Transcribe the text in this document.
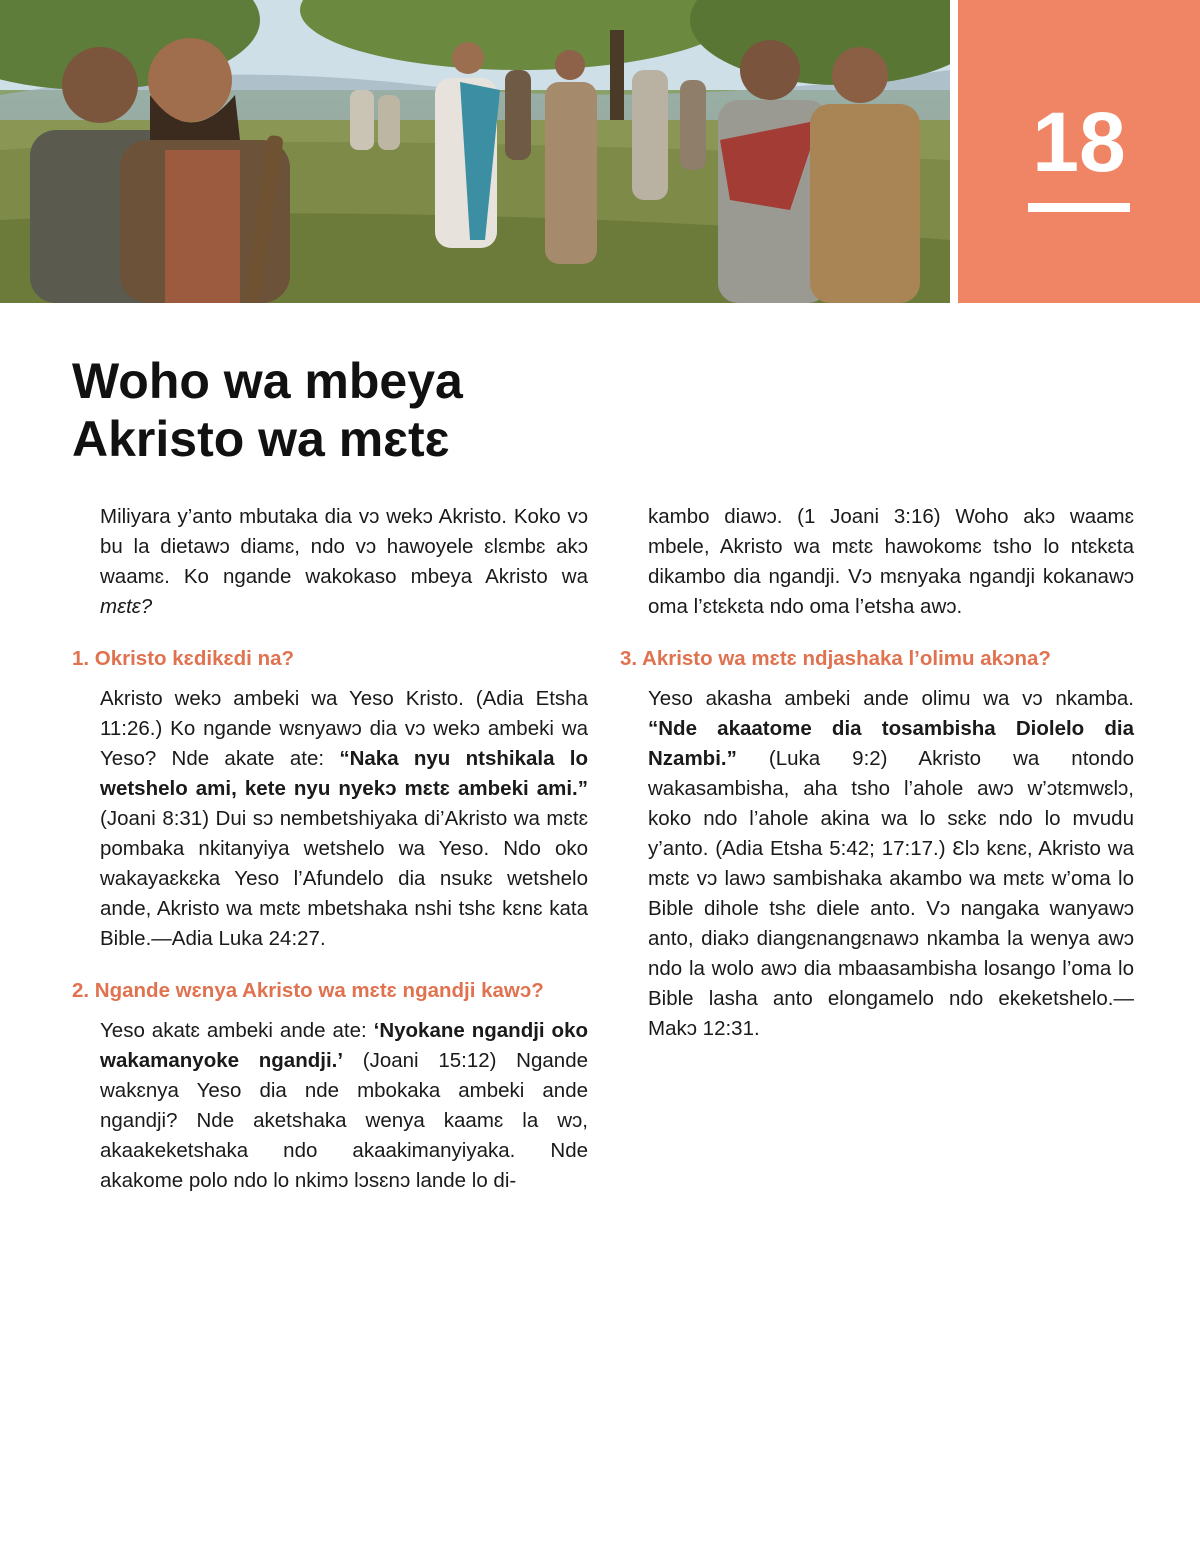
18
Woho wa mbeya
Akristo wa mɛtɛ

Miliyara y’anto mbutaka dia vɔ wekɔ Akristo. Koko vɔ bu la dietawɔ diamɛ, ndo vɔ hawoyele ɛlɛmbɛ akɔ waamɛ. Ko ngande wakokaso mbeya Akristo wa mɛtɛ?

1. Okristo kɛdikɛdi na?

Akristo wekɔ ambeki wa Yeso Kristo. (Adia Etsha 11:26.) Ko ngande wɛnyawɔ dia vɔ wekɔ ambeki wa Yeso? Nde akate ate: “Naka nyu ntshikala lo wetshelo ami, kete nyu nyekɔ mɛtɛ ambeki ami.” (Joani 8:31) Dui sɔ nembetshiyaka di’Akristo wa mɛtɛ pombaka nkitanyiya wetshelo wa Yeso. Ndo oko wakayaɛkɛka Yeso l’Afundelo dia nsukɛ wetshelo ande, Akristo wa mɛtɛ mbetshaka nshi tshɛ kɛnɛ kata Bible.—Adia Luka 24:27.

2. Ngande wɛnya Akristo wa mɛtɛ ngandji kawɔ?

Yeso akatɛ ambeki ande ate: ‘Nyokane ngandji oko wakamanyoke ngandji.’ (Joani 15:12) Ngande wakɛnya Yeso dia nde mbokaka ambeki ande ngandji? Nde aketshaka wenya kaamɛ la wɔ, akaakeketshaka ndo akaakimanyiyaka. Nde akakome polo ndo lo nkimɔ lɔsɛnɔ lande lo di-

kambo diawɔ. (1 Joani 3:16) Woho akɔ waamɛ mbele, Akristo wa mɛtɛ hawokomɛ tsho lo ntɛkɛta dikambo dia ngandji. Vɔ mɛnyaka ngandji kokanawɔ oma l’ɛtɛkɛta ndo oma l’etsha awɔ.

3. Akristo wa mɛtɛ ndjashaka l’olimu akɔna?

Yeso akasha ambeki ande olimu wa vɔ nkamba. “Nde akaatome dia tosambisha Diolelo dia Nzambi.” (Luka 9:2) Akristo wa ntondo wakasambisha, aha tsho l’ahole awɔ w’ɔtɛmwɛlɔ, koko ndo l’ahole akina wa lo sɛkɛ ndo lo mvudu y’anto. (Adia Etsha 5:42; 17:17.) Ɛlɔ kɛnɛ, Akristo wa mɛtɛ vɔ lawɔ sambishaka akambo wa mɛtɛ w’oma lo Bible dihole tshɛ diele anto. Vɔ nangaka wanyawɔ anto, diakɔ diangɛnangɛnawɔ nkamba la wenya awɔ ndo la wolo awɔ dia mbaasambisha losango l’oma lo Bible lasha anto elongamelo ndo ekeketshelo.—Makɔ 12:31.
